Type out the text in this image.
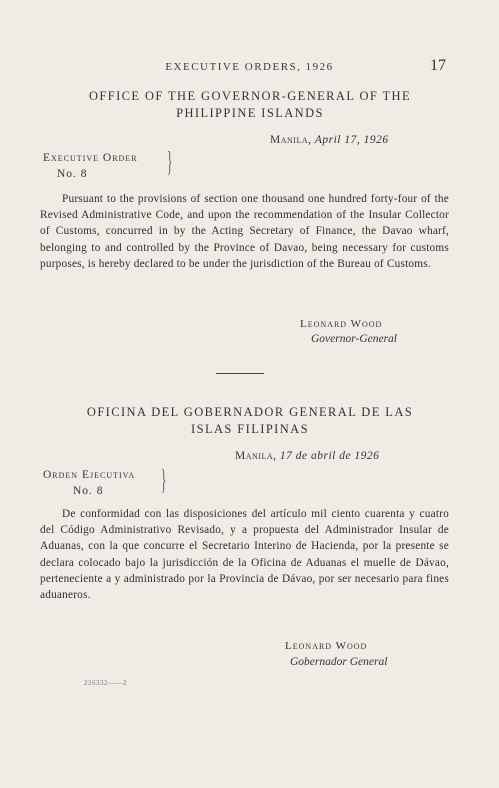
EXECUTIVE ORDERS, 1926	17
OFFICE OF THE GOVERNOR-GENERAL OF THE
PHILIPPINE ISLANDS
Manila, April 17, 1926
Executive Order
No. 8	}

Pursuant to the provisions of section one thousand one hundred forty-four of the Revised Administrative Code, and upon the recommendation of the Insular Collector of Customs, concurred in by the Acting Secretary of Finance, the Davao wharf, belonging to and controlled by the Province of Davao, being necessary for customs purposes, is hereby declared to be under the jurisdiction of the Bureau of Customs.

Leonard Wood
Governor-General
OFICINA DEL GOBERNADOR GENERAL DE LAS
ISLAS FILIPINAS
Manila, 17 de abril de 1926
Orden Ejecutiva
No. 8	}

De conformidad con las disposiciones del artículo mil ciento cuarenta y cuatro del Código Administrativo Revisado, y a propuesta del Administrador Insular de Aduanas, con la que concurre el Secretario Interino de Hacienda, por la presente se declara colocado bajo la jurisdicción de la Oficina de Aduanas el muelle de Dávao, perteneciente a y administrado por la Provincia de Dávao, por ser necesario para fines aduaneros.

Leonard Wood
Gobernador General
226332——2
